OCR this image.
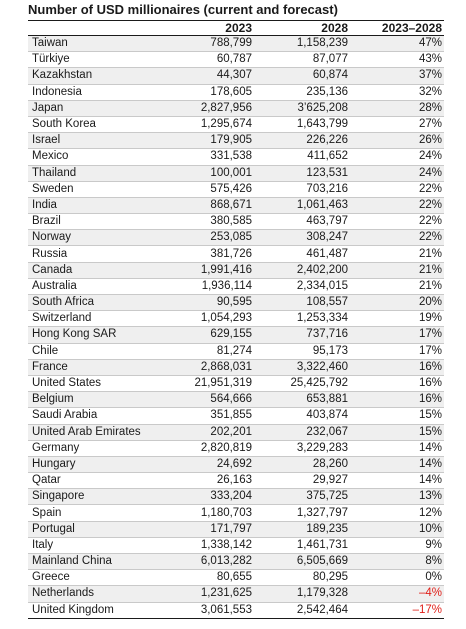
Number of USD millionaires (current and forecast)
	2023	2028	2023–2028
Taiwan	788,799	1,158,239	47%
Türkiye	60,787	87,077	43%
Kazakhstan	44,307	60,874	37%
Indonesia	178,605	235,136	32%
Japan	2,827,956	3’625,208	28%
South Korea	1,295,674	1,643,799	27%
Israel	179,905	226,226	26%
Mexico	331,538	411,652	24%
Thailand	100,001	123,531	24%
Sweden	575,426	703,216	22%
India	868,671	1,061,463	22%
Brazil	380,585	463,797	22%
Norway	253,085	308,247	22%
Russia	381,726	461,487	21%
Canada	1,991,416	2,402,200	21%
Australia	1,936,114	2,334,015	21%
South Africa	90,595	108,557	20%
Switzerland	1,054,293	1,253,334	19%
Hong Kong SAR	629,155	737,716	17%
Chile	81,274	95,173	17%
France	2,868,031	3,322,460	16%
United States	21,951,319	25,425,792	16%
Belgium	564,666	653,881	16%
Saudi Arabia	351,855	403,874	15%
United Arab Emirates	202,201	232,067	15%
Germany	2,820,819	3,229,283	14%
Hungary	24,692	28,260	14%
Qatar	26,163	29,927	14%
Singapore	333,204	375,725	13%
Spain	1,180,703	1,327,797	12%
Portugal	171,797	189,235	10%
Italy	1,338,142	1,461,731	9%
Mainland China	6,013,282	6,505,669	8%
Greece	80,655	80,295	0%
Netherlands	1,231,625	1,179,328	–4%
United Kingdom	3,061,553	2,542,464	–17%
